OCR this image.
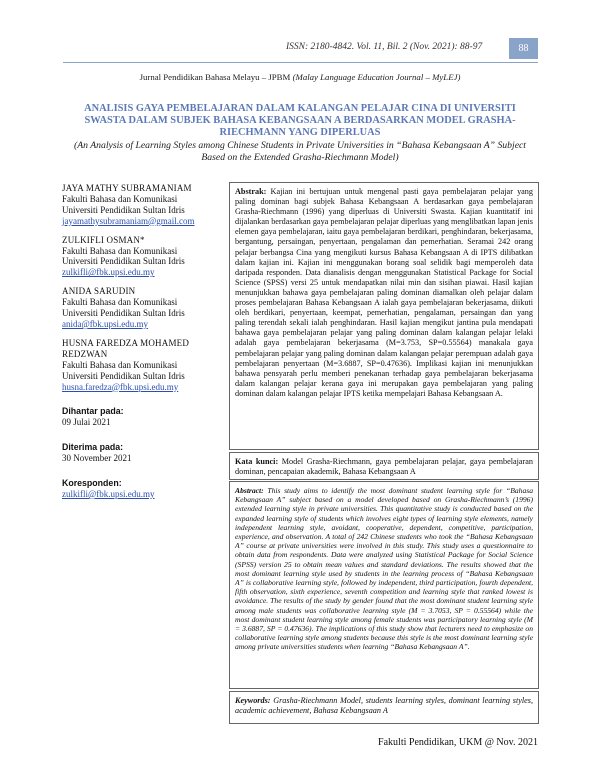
ISSN: 2180-4842. Vol. 11, Bil. 2 (Nov. 2021): 88-97	88
Jurnal Pendidikan Bahasa Melayu – JPBM (Malay Language Education Journal – MyLEJ)
ANALISIS GAYA PEMBELAJARAN DALAM KALANGAN PELAJAR CINA DI UNIVERSITI SWASTA DALAM SUBJEK BAHASA KEBANGSAAN A BERDASARKAN MODEL GRASHA-RIECHMANN YANG DIPERLUAS
(An Analysis of Learning Styles among Chinese Students in Private Universities in “Bahasa Kebangsaan A” Subject Based on the Extended Grasha-Riechmann Model)
JAYA MATHY SUBRAMANIAM
Fakulti Bahasa dan Komunikasi
Universiti Pendidikan Sultan Idris
jayamathysubramaniam@gmail.com
ZULKIFLI OSMAN*
Fakulti Bahasa dan Komunikasi
Universiti Pendidikan Sultan Idris
zulkifli@fbk.upsi.edu.my
ANIDA SARUDIN
Fakulti Bahasa dan Komunikasi
Universiti Pendidikan Sultan Idris
anida@fbk.upsi.edu.my
HUSNA FAREDZA MOHAMED REDZWAN
Fakulti Bahasa dan Komunikasi
Universiti Pendidikan Sultan Idris
husna.faredza@fbk.upsi.edu.my
Dihantar pada:
09 Julai 2021
Diterima pada:
30 November 2021
Koresponden:
zulkifli@fbk.upsi.edu.my
Abstrak: Kajian ini bertujuan untuk mengenal pasti gaya pembelajaran pelajar yang paling dominan bagi subjek Bahasa Kebangsaan A berdasarkan gaya pembelajaran Grasha-Riechmann (1996) yang diperluas di Universiti Swasta. Kajian kuantitatif ini dijalankan berdasarkan gaya pembelajaran pelajar diperluas yang menglibatkan lapan jenis elemen gaya pembelajaran, iaitu gaya pembelajaran berdikari, penghindaran, bekerjasama, bergantung, persaingan, penyertaan, pengalaman dan pemerhatian. Seramai 242 orang pelajar berbangsa Cina yang mengikuti kursus Bahasa Kebangsaan A di IPTS dilibatkan dalam kajian ini. Kajian ini menggunakan borang soal selidik bagi memperoleh data daripada responden. Data dianalisis dengan menggunakan Statistical Package for Social Science (SPSS) versi 25 untuk mendapatkan nilai min dan sisihan piawai. Hasil kajian menunjukkan bahawa gaya pembelajaran paling dominan diamalkan oleh pelajar dalam proses pembelajaran Bahasa Kebangsaan A ialah gaya pembelajaran bekerjasama, diikuti oleh berdikari, penyertaan, keempat, pemerhatian, pengalaman, persaingan dan yang paling terendah sekali ialah penghindaran. Hasil kajian mengikut jantina pula mendapati bahawa gaya pembelajaran pelajar yang paling dominan dalam kalangan pelajar lelaki adalah gaya pembelajaran bekerjasama (M=3.753, SP=0.55564) manakala gaya pembelajaran pelajar yang paling dominan dalam kalangan pelajar perempuan adalah gaya pembelajaran penyertaan (M=3.6887, SP=0.47636). Implikasi kajian ini menunjukkan bahawa pensyarah perlu memberi penekanan terhadap gaya pembelajaran bekerjasama dalam kalangan pelajar kerana gaya ini merupakan gaya pembelajaran yang paling dominan dalam kalangan pelajar IPTS ketika mempelajari Bahasa Kebangsaan A.
Kata kunci: Model Grasha-Riechmann, gaya pembelajaran pelajar, gaya pembelajaran dominan, pencapaian akademik, Bahasa Kebangsaan A
Abstract: This study aims to identify the most dominant student learning style for “Bahasa Kebangsaan A” subject based on a model developed based on Grasha-Riechmann’s (1996) extended learning style in private universities. This quantitative study is conducted based on the expanded learning style of students which involves eight types of learning style elements, namely independent learning style, avoidant, cooperative, dependent, competitive, participation, experience, and observation. A total of 242 Chinese students who took the “Bahasa Kebangsaan A” course at private universities were involved in this study. This study uses a questionnaire to obtain data from respondents. Data were analyzed using Statistical Package for Social Science (SPSS) version 25 to obtain mean values and standard deviations. The results showed that the most dominant learning style used by students in the learning process of “Bahasa Kebangsaan A” is collaborative learning style, followed by independent, third participation, fourth dependent, fifth observation, sixth experience, seventh competition and learning style that ranked lowest is avoidance. The results of the study by gender found that the most dominant student learning style among male students was collaborative learning style (M = 3.7053, SP = 0.55564) while the most dominant student learning style among female students was participatory learning style (M = 3.6887, SP = 0.47636). The implications of this study show that lecturers need to emphasize on collaborative learning style among students because this style is the most dominant learning style among private universities students when learning “Bahasa Kebangsaan A”.
Keywords: Grasha-Riechmann Model, students learning styles, dominant learning styles, academic achievement, Bahasa Kebangsaan A
Fakulti Pendidikan, UKM @ Nov. 2021
